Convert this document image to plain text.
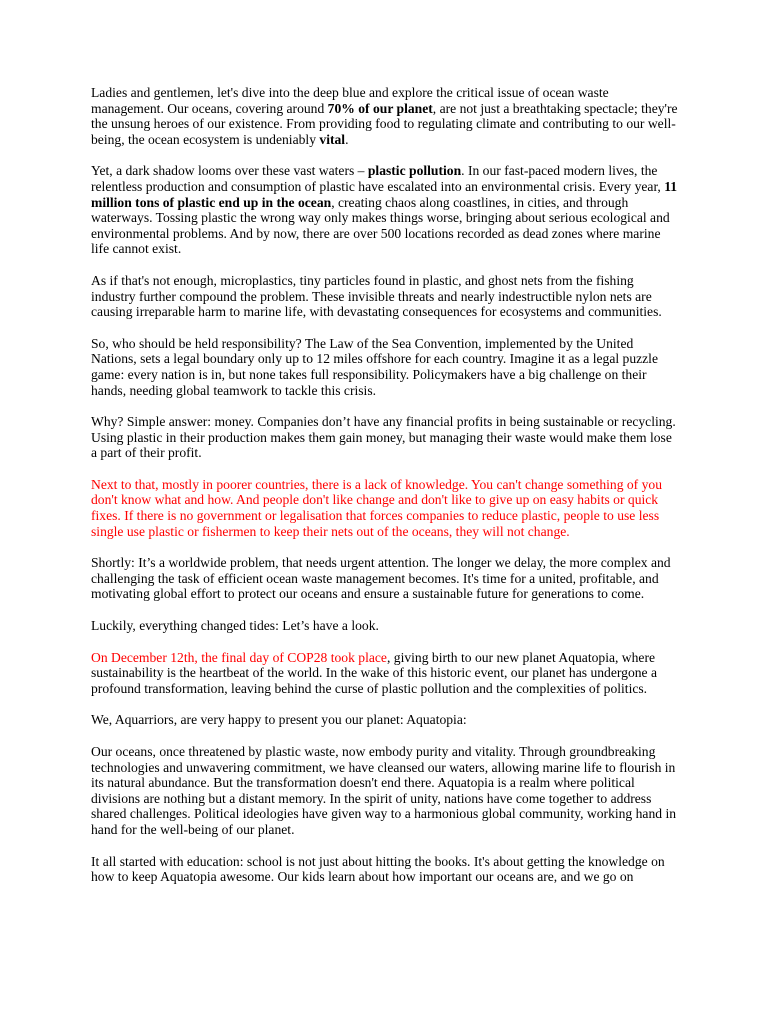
Ladies and gentlemen, let's dive into the deep blue and explore the critical issue of ocean waste management. Our oceans, covering around 70% of our planet, are not just a breathtaking spectacle; they're the unsung heroes of our existence. From providing food to regulating climate and contributing to our well-being, the ocean ecosystem is undeniably vital.

Yet, a dark shadow looms over these vast waters – plastic pollution. In our fast-paced modern lives, the relentless production and consumption of plastic have escalated into an environmental crisis. Every year, 11 million tons of plastic end up in the ocean, creating chaos along coastlines, in cities, and through waterways. Tossing plastic the wrong way only makes things worse, bringing about serious ecological and environmental problems. And by now, there are over 500 locations recorded as dead zones where marine life cannot exist.

As if that's not enough, microplastics, tiny particles found in plastic, and ghost nets from the fishing industry further compound the problem. These invisible threats and nearly indestructible nylon nets are causing irreparable harm to marine life, with devastating consequences for ecosystems and communities.

So, who should be held responsibility? The Law of the Sea Convention, implemented by the United Nations, sets a legal boundary only up to 12 miles offshore for each country. Imagine it as a legal puzzle game: every nation is in, but none takes full responsibility. Policymakers have a big challenge on their hands, needing global teamwork to tackle this crisis.

Why? Simple answer: money. Companies don’t have any financial profits in being sustainable or recycling. Using plastic in their production makes them gain money, but managing their waste would make them lose a part of their profit.

Next to that, mostly in poorer countries, there is a lack of knowledge. You can't change something of you don't know what and how. And people don't like change and don't like to give up on easy habits or quick fixes. If there is no government or legalisation that forces companies to reduce plastic, people to use less single use plastic or fishermen to keep their nets out of the oceans, they will not change.

Shortly: It’s a worldwide problem, that needs urgent attention. The longer we delay, the more complex and challenging the task of efficient ocean waste management becomes. It's time for a united, profitable, and motivating global effort to protect our oceans and ensure a sustainable future for generations to come.

Luckily, everything changed tides: Let’s have a look.

On December 12th, the final day of COP28 took place, giving birth to our new planet Aquatopia, where sustainability is the heartbeat of the world. In the wake of this historic event, our planet has undergone a profound transformation, leaving behind the curse of plastic pollution and the complexities of politics.

We, Aquarriors, are very happy to present you our planet: Aquatopia:

Our oceans, once threatened by plastic waste, now embody purity and vitality. Through groundbreaking technologies and unwavering commitment, we have cleansed our waters, allowing marine life to flourish in its natural abundance. But the transformation doesn't end there. Aquatopia is a realm where political divisions are nothing but a distant memory. In the spirit of unity, nations have come together to address shared challenges. Political ideologies have given way to a harmonious global community, working hand in hand for the well-being of our planet.

It all started with education: school is not just about hitting the books. It's about getting the knowledge on how to keep Aquatopia awesome. Our kids learn about how important our oceans are, and we go on
